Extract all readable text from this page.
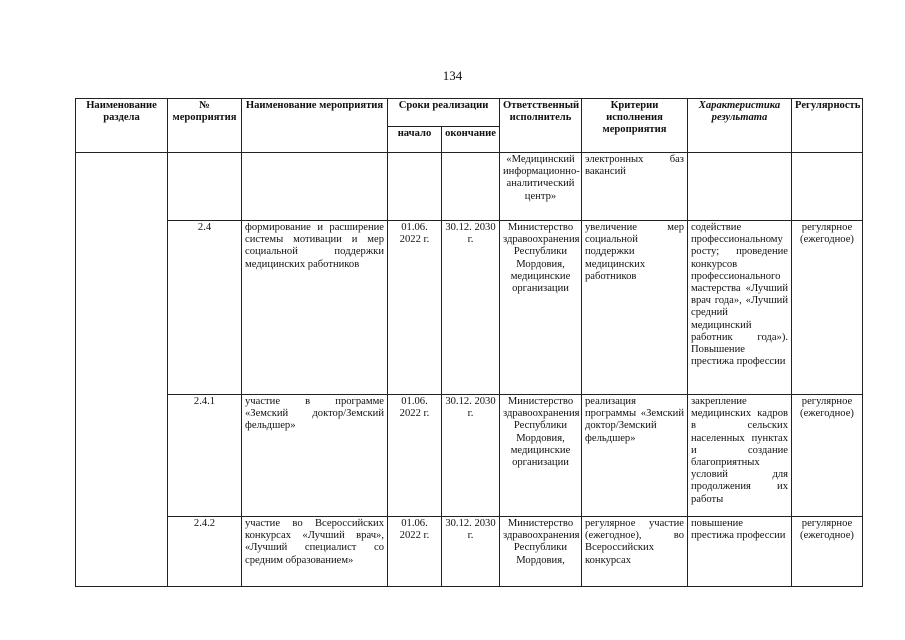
134
Наименование раздела	№ мероприятия	Наименование мероприятия	Сроки реализации		Ответственный исполнитель	Критерии исполнения мероприятия	Характеристика результата	Регулярность
			начало	окончание				
					«Медицинский информационно-аналитический центр»	электронных баз вакансий		
	2.4	формирование и расширение системы мотивации и мер социальной поддержки медицинских работников	01.06. 2022 г.	30.12. 2030 г.	Министерство здравоохранения Республики Мордовия, медицинские организации	увеличение мер социальной поддержки медицинских работников	содействие профессиональному росту; проведение конкурсов профессионального мастерства «Лучший врач года», «Лучший средний медицинский работник года»). Повышение престижа профессии	регулярное (ежегодное)
	2.4.1	участие в программе «Земский доктор/Земский фельдшер»	01.06. 2022 г.	30.12. 2030 г.	Министерство здравоохранения Республики Мордовия, медицинские организации	реализация программы «Земский доктор/Земский фельдшер»	закрепление медицинских кадров в сельских населенных пунктах и создание благоприятных условий для продолжения их работы	регулярное (ежегодное)
	2.4.2	участие во Всероссийских конкурсах «Лучший врач», «Лучший специалист со средним образованием»	01.06. 2022 г.	30.12. 2030 г.	Министерство здравоохранения Республики Мордовия,	регулярное участие (ежегодное), во Всероссийских конкурсах	повышение престижа профессии	регулярное (ежегодное)
